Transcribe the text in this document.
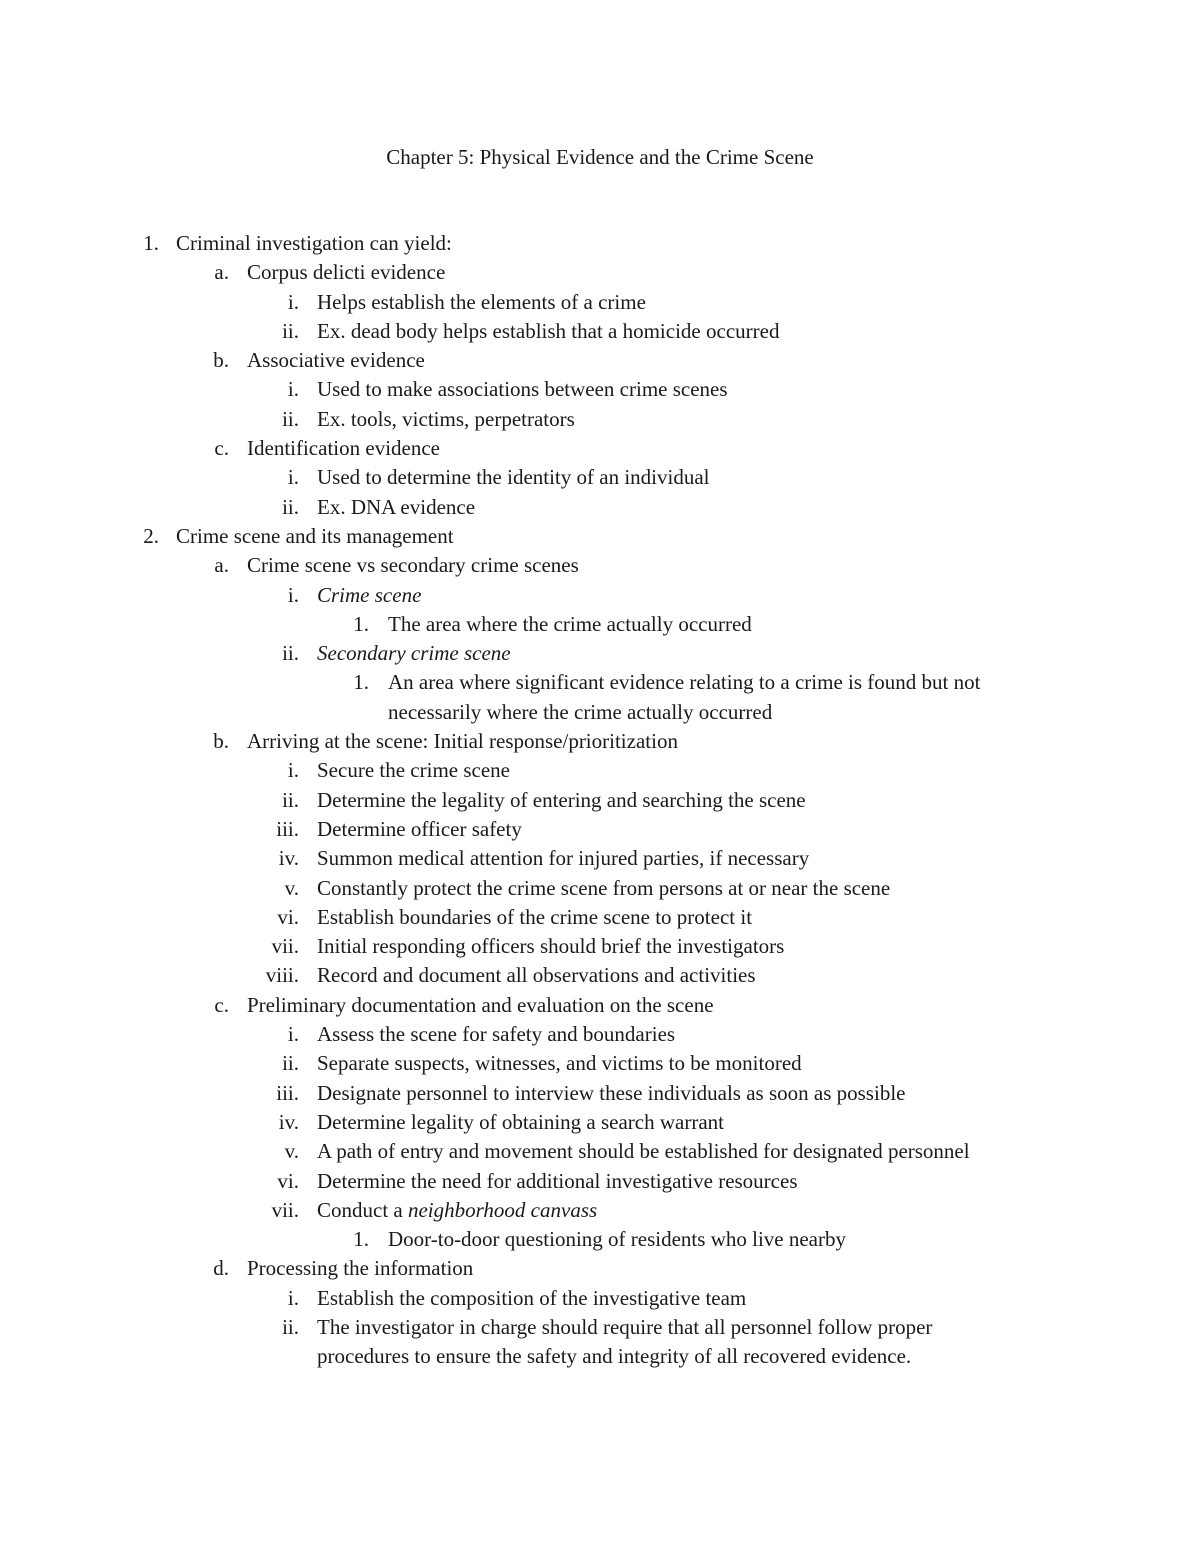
Chapter 5: Physical Evidence and the Crime Scene
1. Criminal investigation can yield:
a. Corpus delicti evidence
i. Helps establish the elements of a crime
ii. Ex. dead body helps establish that a homicide occurred
b. Associative evidence
i. Used to make associations between crime scenes
ii. Ex. tools, victims, perpetrators
c. Identification evidence
i. Used to determine the identity of an individual
ii. Ex. DNA evidence
2. Crime scene and its management
a. Crime scene vs secondary crime scenes
i. Crime scene
1. The area where the crime actually occurred
ii. Secondary crime scene
1. An area where significant evidence relating to a crime is found but not
necessarily where the crime actually occurred
b. Arriving at the scene: Initial response/prioritization
i. Secure the crime scene
ii. Determine the legality of entering and searching the scene
iii. Determine officer safety
iv. Summon medical attention for injured parties, if necessary
v. Constantly protect the crime scene from persons at or near the scene
vi. Establish boundaries of the crime scene to protect it
vii. Initial responding officers should brief the investigators
viii. Record and document all observations and activities
c. Preliminary documentation and evaluation on the scene
i. Assess the scene for safety and boundaries
ii. Separate suspects, witnesses, and victims to be monitored
iii. Designate personnel to interview these individuals as soon as possible
iv. Determine legality of obtaining a search warrant
v. A path of entry and movement should be established for designated personnel
vi. Determine the need for additional investigative resources
vii. Conduct a neighborhood canvass
1. Door-to-door questioning of residents who live nearby
d. Processing the information
i. Establish the composition of the investigative team
ii. The investigator in charge should require that all personnel follow proper
procedures to ensure the safety and integrity of all recovered evidence.
